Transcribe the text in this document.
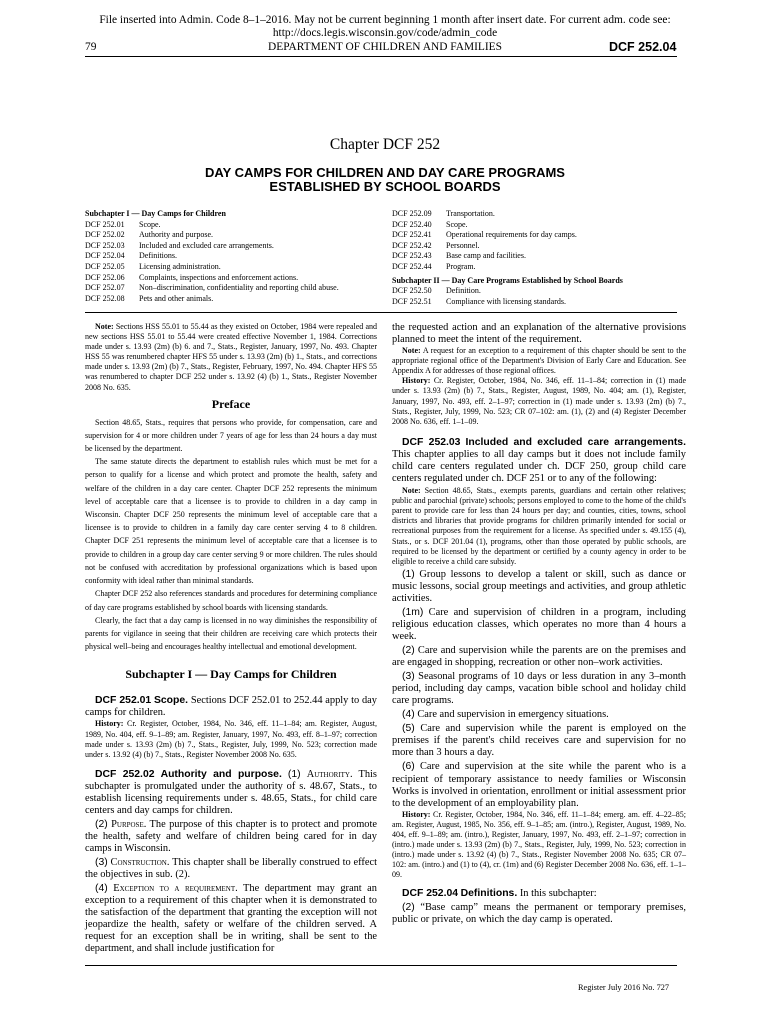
File inserted into Admin. Code 8–1–2016. May not be current beginning 1 month after insert date. For current adm. code see:
http://docs.legis.wisconsin.gov/code/admin_code
79	DEPARTMENT OF CHILDREN AND FAMILIES	DCF 252.04
Chapter DCF 252
DAY CAMPS FOR CHILDREN AND DAY CARE PROGRAMS
ESTABLISHED BY SCHOOL BOARDS
Subchapter I — Day Camps for Children
DCF 252.01 Scope.
DCF 252.02 Authority and purpose.
DCF 252.03 Included and excluded care arrangements.
DCF 252.04 Definitions.
DCF 252.05 Licensing administration.
DCF 252.06 Complaints, inspections and enforcement actions.
DCF 252.07 Non–discrimination, confidentiality and reporting child abuse.
DCF 252.08 Pets and other animals.
DCF 252.09 Transportation.
DCF 252.40 Scope.
DCF 252.41 Operational requirements for day camps.
DCF 252.42 Personnel.
DCF 252.43 Base camp and facilities.
DCF 252.44 Program.
Subchapter II — Day Care Programs Established by School Boards
DCF 252.50 Definition.
DCF 252.51 Compliance with licensing standards.

Note: Sections HSS 55.01 to 55.44 as they existed on October, 1984 were repealed and new sections HSS 55.01 to 55.44 were created effective November 1, 1984. Corrections made under s. 13.93 (2m) (b) 6. and 7., Stats., Register, January, 1997, No. 493. Chapter HSS 55 was renumbered chapter HFS 55 under s. 13.93 (2m) (b) 1., Stats., and corrections made under s. 13.93 (2m) (b) 7., Stats., Register, February, 1997, No. 494. Chapter HFS 55 was renumbered to chapter DCF 252 under s. 13.92 (4) (b) 1., Stats., Register November 2008 No. 635.

Preface

Section 48.65, Stats., requires that persons who provide, for compensation, care and supervision for 4 or more children under 7 years of age for less than 24 hours a day must be licensed by the department.

The same statute directs the department to establish rules which must be met for a person to qualify for a license and which protect and promote the health, safety and welfare of the children in a day care center. Chapter DCF 252 represents the minimum level of acceptable care that a licensee is to provide to children in a day camp in Wisconsin. Chapter DCF 250 represents the minimum level of acceptable care that a licensee is to provide to children in a family day care center serving 4 to 8 children. Chapter DCF 251 represents the minimum level of acceptable care that a licensee is to provide to children in a group day care center serving 9 or more children. The rules should not be confused with accreditation by professional organizations which is based upon conformity with ideal rather than minimal standards.

Chapter DCF 252 also references standards and procedures for determining compliance of day care programs established by school boards with licensing standards.

Clearly, the fact that a day camp is licensed in no way diminishes the responsibility of parents for vigilance in seeing that their children are receiving care which protects their physical well–being and encourages healthy intellectual and emotional development.

Subchapter I — Day Camps for Children

DCF 252.01 Scope. Sections DCF 252.01 to 252.44 apply to day camps for children.

History: Cr. Register, October, 1984, No. 346, eff. 11–1–84; am. Register, August, 1989, No. 404, eff. 9–1–89; am. Register, January, 1997, No. 493, eff. 8–1–97; correction made under s. 13.93 (2m) (b) 7., Stats., Register, July, 1999, No. 523; correction made under s. 13.92 (4) (b) 7., Stats., Register November 2008 No. 635.

DCF 252.02 Authority and purpose. (1) Authority. This subchapter is promulgated under the authority of s. 48.67, Stats., to establish licensing requirements under s. 48.65, Stats., for child care centers and day camps for children.

(2) Purpose. The purpose of this chapter is to protect and promote the health, safety and welfare of children being cared for in day camps in Wisconsin.

(3) Construction. This chapter shall be liberally construed to effect the objectives in sub. (2).

(4) Exception to a requirement. The department may grant an exception to a requirement of this chapter when it is demonstrated to the satisfaction of the department that granting the exception will not jeopardize the health, safety or welfare of the children served. A request for an exception shall be in writing, shall be sent to the department, and shall include justification for

the requested action and an explanation of the alternative provisions planned to meet the intent of the requirement.

Note: A request for an exception to a requirement of this chapter should be sent to the appropriate regional office of the Department's Division of Early Care and Education. See Appendix A for addresses of those regional offices.

History: Cr. Register, October, 1984, No. 346, eff. 11–1–84; correction in (1) made under s. 13.93 (2m) (b) 7., Stats., Register, August, 1989, No. 404; am. (1), Register, January, 1997, No. 493, eff. 2–1–97; correction in (1) made under s. 13.93 (2m) (b) 7., Stats., Register, July, 1999, No. 523; CR 07–102: am. (1), (2) and (4) Register December 2008 No. 636, eff. 1–1–09.

DCF 252.03 Included and excluded care arrangements. This chapter applies to all day camps but it does not include family child care centers regulated under ch. DCF 250, group child care centers regulated under ch. DCF 251 or to any of the following:

Note: Section 48.65, Stats., exempts parents, guardians and certain other relatives; public and parochial (private) schools; persons employed to come to the home of the child's parent to provide care for less than 24 hours per day; and counties, cities, towns, school districts and libraries that provide programs for children primarily intended for social or recreational purposes from the requirement for a license. As specified under s. 49.155 (4), Stats., or s. DCF 201.04 (1), programs, other than those operated by public schools, are required to be licensed by the department or certified by a county agency in order to be eligible to receive a child care subsidy.

(1) Group lessons to develop a talent or skill, such as dance or music lessons, social group meetings and activities, and group athletic activities.

(1m) Care and supervision of children in a program, including religious education classes, which operates no more than 4 hours a week.

(2) Care and supervision while the parents are on the premises and are engaged in shopping, recreation or other non–work activities.

(3) Seasonal programs of 10 days or less duration in any 3–month period, including day camps, vacation bible school and holiday child care programs.

(4) Care and supervision in emergency situations.

(5) Care and supervision while the parent is employed on the premises if the parent's child receives care and supervision for no more than 3 hours a day.

(6) Care and supervision at the site while the parent who is a recipient of temporary assistance to needy families or Wisconsin Works is involved in orientation, enrollment or initial assessment prior to the development of an employability plan.

History: Cr. Register, October, 1984, No. 346, eff. 11–1–84; emerg. am. eff. 4–22–85; am. Register, August, 1985, No. 356, eff. 9–1–85; am. (intro.), Register, August, 1989, No. 404, eff. 9–1–89; am. (intro.), Register, January, 1997, No. 493, eff. 2–1–97; correction in (intro.) made under s. 13.93 (2m) (b) 7., Stats., Register, July, 1999, No. 523; correction in (intro.) made under s. 13.92 (4) (b) 7., Stats., Register November 2008 No. 635; CR 07–102: am. (intro.) and (1) to (4), cr. (1m) and (6) Register December 2008 No. 636, eff. 1–1–09.

DCF 252.04 Definitions. In this subchapter:

(2) “Base camp” means the permanent or temporary premises, public or private, on which the day camp is operated.

Register July 2016 No. 727
